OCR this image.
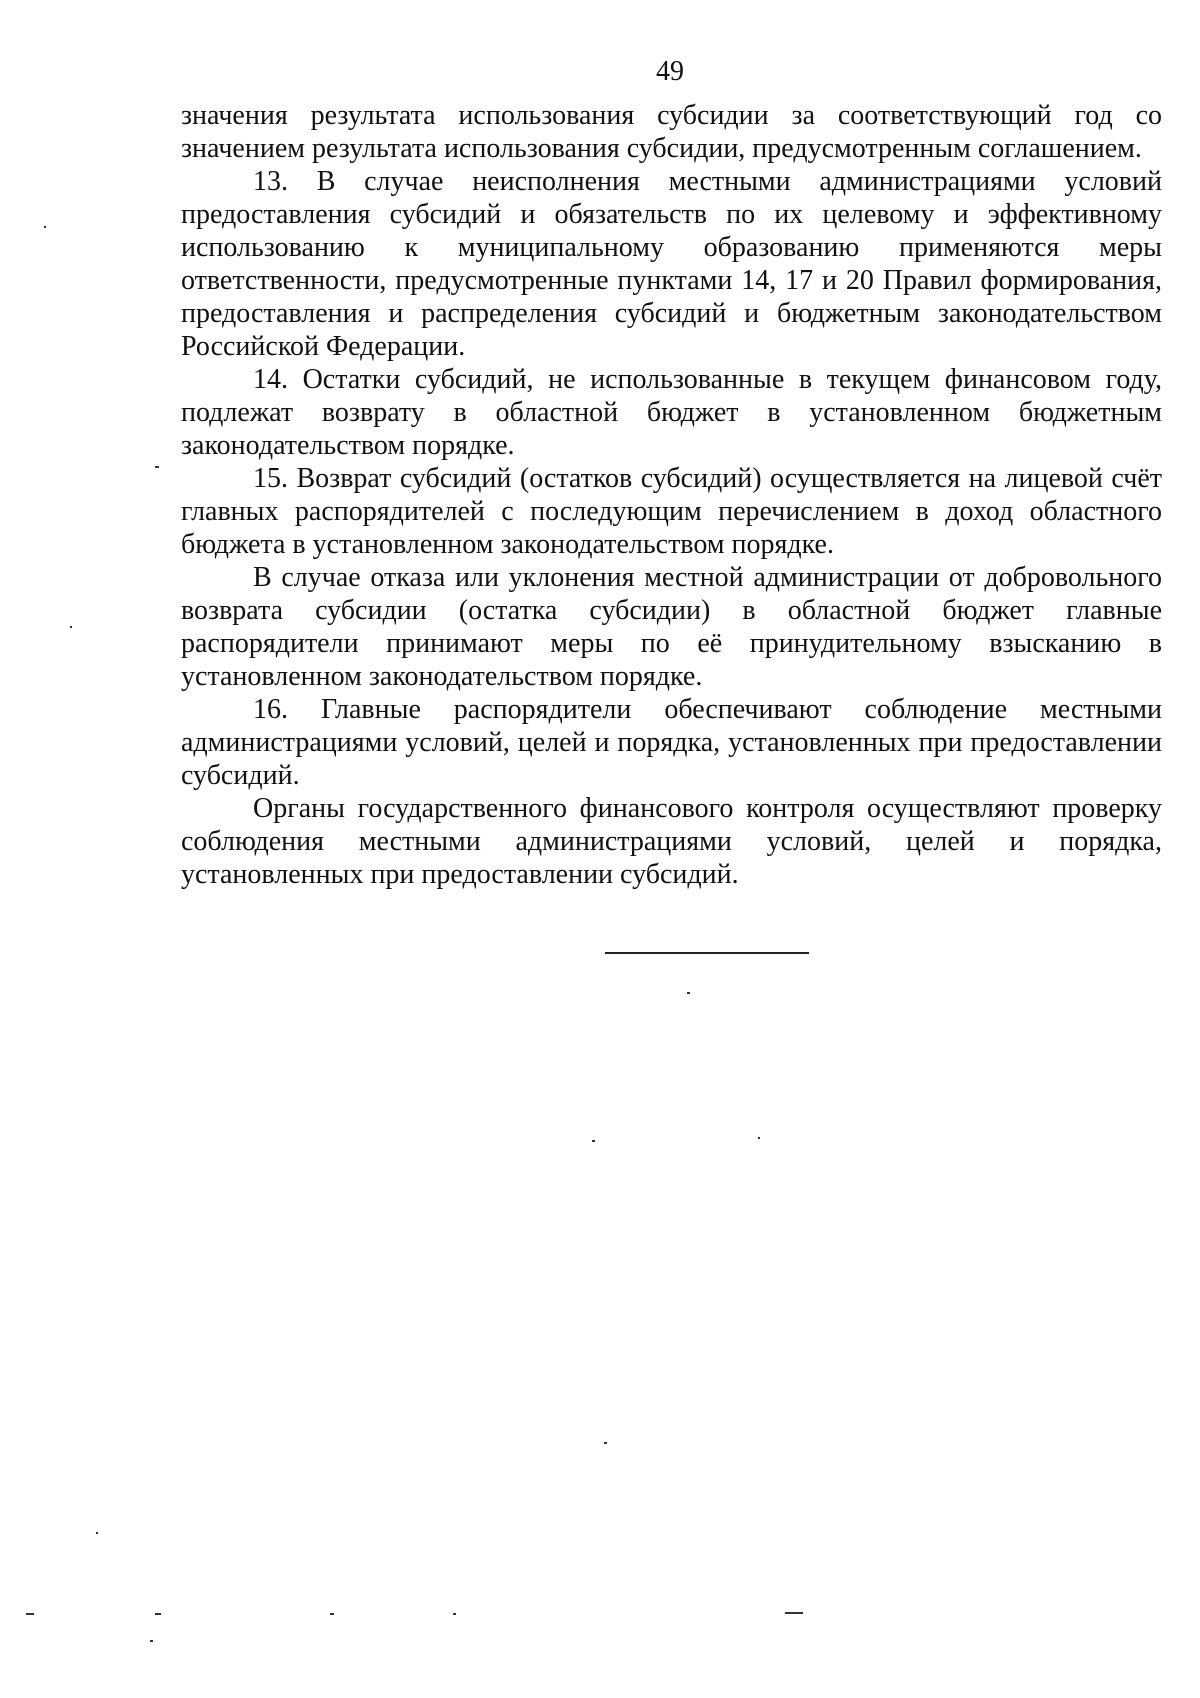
49

значения результата использования субсидии за соответствующий год со значением результата использования субсидии, предусмотренным соглашением.

13. В случае неисполнения местными администрациями условий предоставления субсидий и обязательств по их целевому и эффективному использованию к муниципальному образованию применяются меры ответственности, предусмотренные пунктами 14, 17 и 20 Правил формирования, предоставления и распределения субсидий и бюджетным законодательством Российской Федерации.

14. Остатки субсидий, не использованные в текущем финансовом году, подлежат возврату в областной бюджет в установленном бюджетным законодательством порядке.

15. Возврат субсидий (остатков субсидий) осуществляется на лицевой счёт главных распорядителей с последующим перечислением в доход областного бюджета в установленном законодательством порядке.

В случае отказа или уклонения местной администрации от добровольного возврата субсидии (остатка субсидии) в областной бюджет главные распорядители принимают меры по её принудительному взысканию в установленном законодательством порядке.

16. Главные распорядители обеспечивают соблюдение местными администрациями условий, целей и порядка, установленных при предоставлении субсидий.

Органы государственного финансового контроля осуществляют проверку соблюдения местными администрациями условий, целей и порядка, установленных при предоставлении субсидий.
